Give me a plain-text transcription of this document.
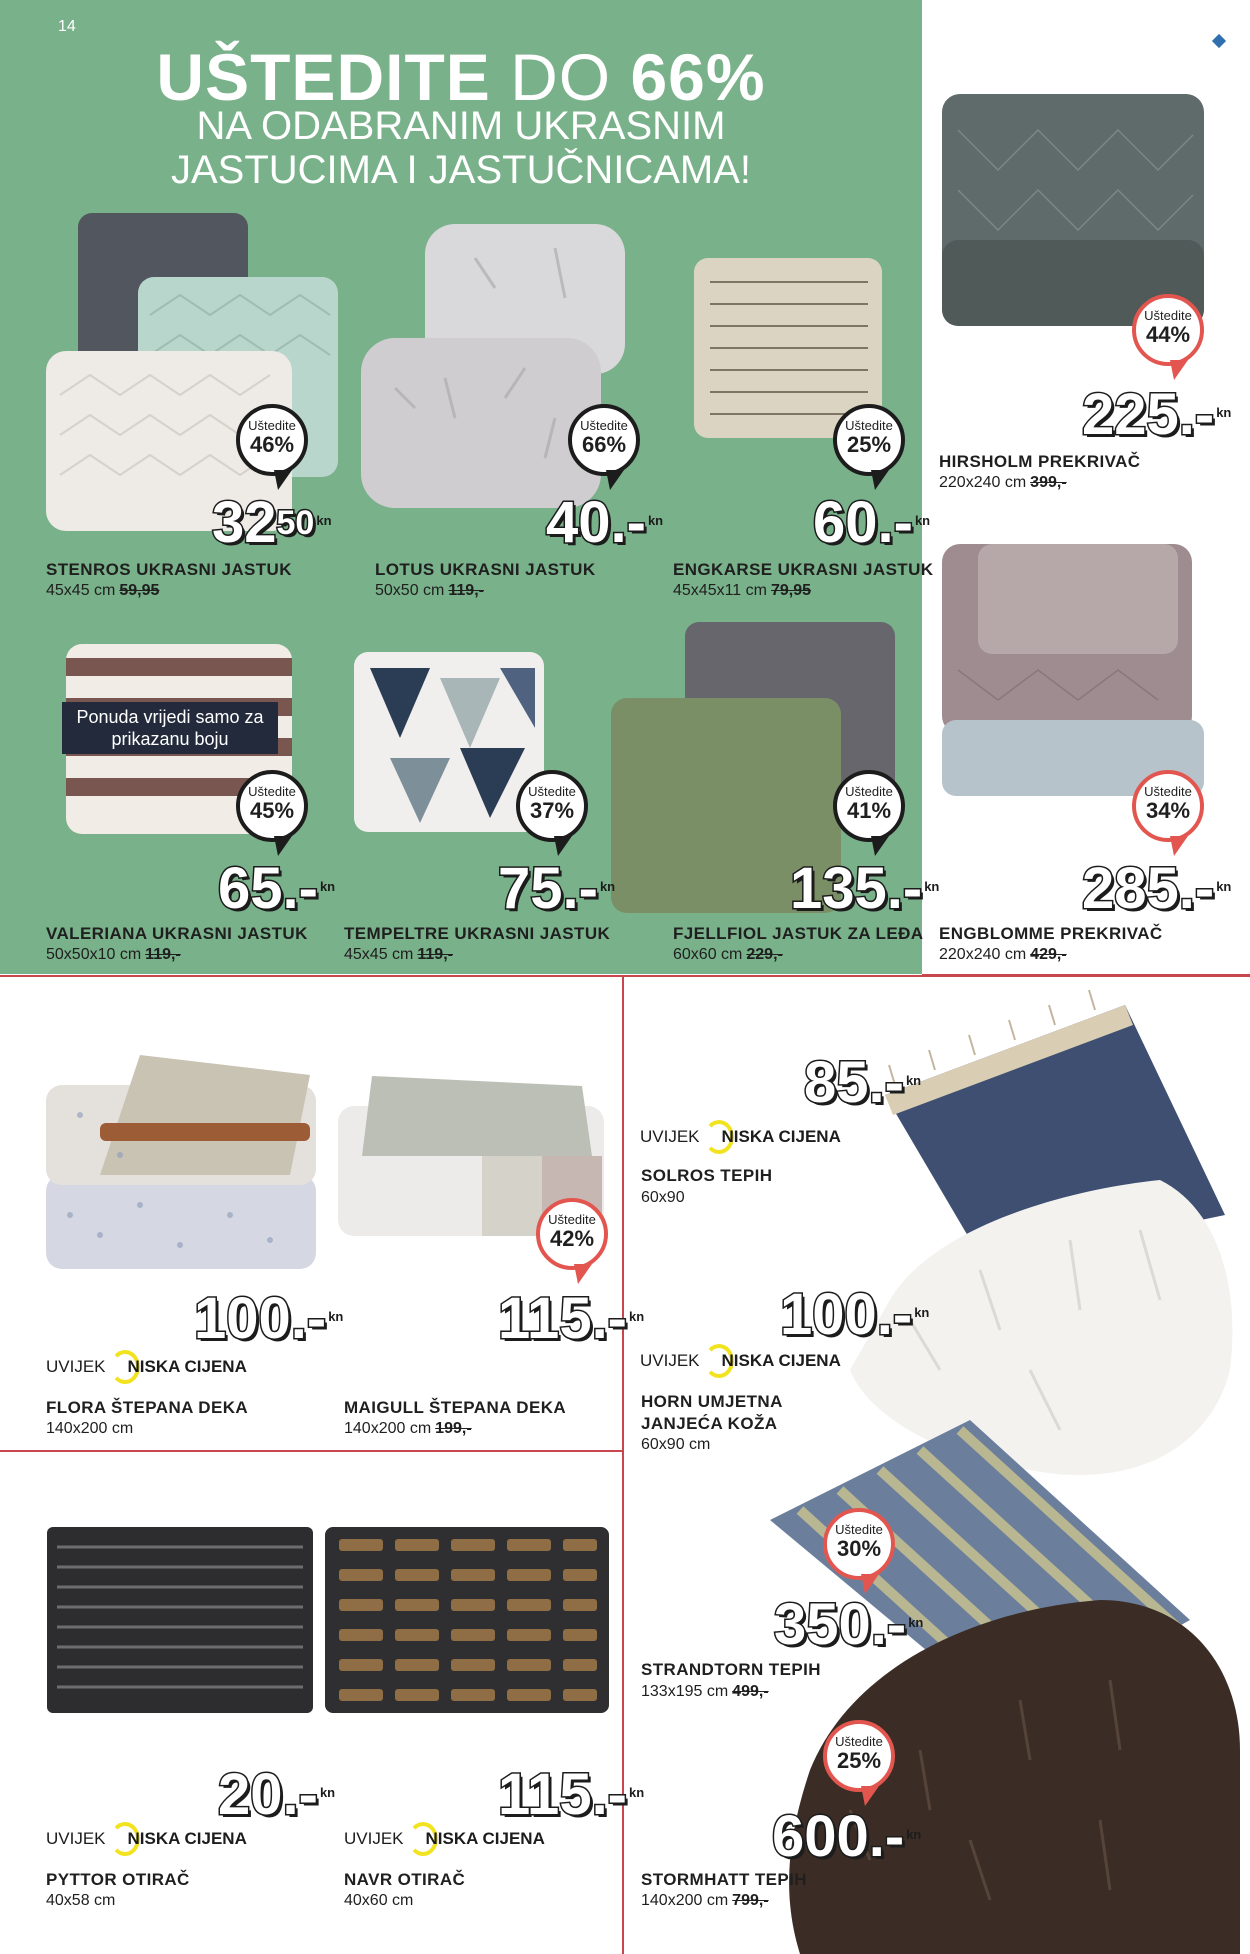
14
UŠTEDITE DO 66%
NA ODABRANIM UKRASNIM
JASTUCIMA I JASTUČNICAMA!
Uštedite
46%
Uštedite
66%
Uštedite
25%
Uštedite
44%
Uštedite
45%
Uštedite
37%
Uštedite
41%
Uštedite
34%
Uštedite
42%
Uštedite
30%
Uštedite
25%
$32^{50}$ $^{kn}$	40.- $^{kn}$	60.- $^{kn}$
225.- $^{kn}$
65.- $^{kn}$	75.- $^{kn}$	135.- $^{kn}$ 285.- $^{kn}$
100.- $^{kn}$	115.- $^{kn}$
85.- $^{kn}$
100.- $^{kn}$
350.- $^{kn}$
20.- $^{kn}$	115.- $^{kn}$
600.- $^{kn}$
Ponuda vrijedi samo za prikazanu boju
STENROS UKRASNI JASTUK
45x45 cm 59,95
LOTUS UKRASNI JASTUK
50x50 cm 119,-
ENGKARSE UKRASNI JASTUK
45x45x11 cm 79,95
HIRSHOLM PREKRIVAČ
220x240 cm 399,-
VALERIANA UKRASNI JASTUK
50x50x10 cm 119,-
TEMPELTRE UKRASNI JASTUK
45x45 cm 119,-
FJELLFIOL JASTUK ZA LEĐA
60x60 cm 229,-
ENGBLOMME PREKRIVAČ
220x240 cm 429,-
UVIJEK NISKA CIJENA
FLORA ŠTEPANA DEKA
140x200 cm
MAIGULL ŠTEPANA DEKA
140x200 cm 199,-
UVIJEK NISKA CIJENA
SOLROS TEPIH
60x90
UVIJEK NISKA CIJENA
HORN UMJETNA
JANJEĆA KOŽA
60x90 cm
STRANDTORN TEPIH
133x195 cm 499,-
UVIJEK NISKA CIJENA
PYTTOR OTIRAČ
40x58 cm
UVIJEK NISKA CIJENA
NAVR OTIRAČ
40x60 cm
STORMHATT TEPIH
140x200 cm 799,-
